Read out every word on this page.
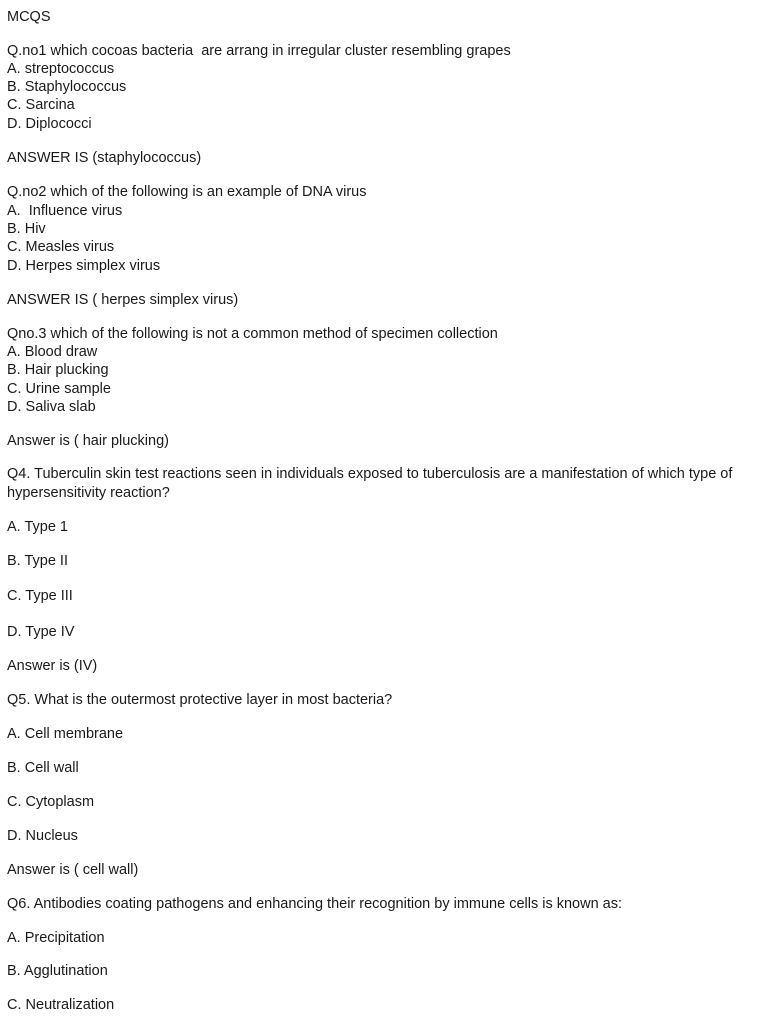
MCQS

Q.no1 which cocoas bacteria  are arrang in irregular cluster resembling grapes

A. streptococcus

B. Staphylococcus

C. Sarcina

D. Diplococci

ANSWER IS (staphylococcus)

Q.no2 which of the following is an example of DNA virus

A.  Influence virus

B. Hiv

C. Measles virus

D. Herpes simplex virus

ANSWER IS ( herpes simplex virus)

Qno.3 which of the following is not a common method of specimen collection

A. Blood draw

B. Hair plucking

C. Urine sample

D. Saliva slab

Answer is ( hair plucking)

Q4. Tuberculin skin test reactions seen in individuals exposed to tuberculosis are a manifestation of which type of hypersensitivity reaction?

A. Type 1

B. Type II

C. Type III

D. Type IV

Answer is (IV)

Q5. What is the outermost protective layer in most bacteria?

A. Cell membrane

B. Cell wall

C. Cytoplasm

D. Nucleus

Answer is ( cell wall)

Q6. Antibodies coating pathogens and enhancing their recognition by immune cells is known as:

A. Precipitation

B. Agglutination

C. Neutralization
